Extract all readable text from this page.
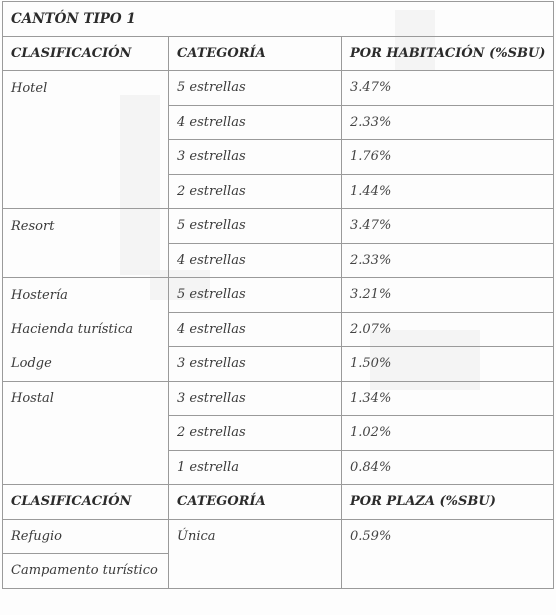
CANTÓN TIPO 1		
CLASIFICACIÓN	CATEGORÍA	POR HABITACIÓN (%SBU)
Hotel	5 estrellas	3.47%
	4 estrellas	2.33%
	3 estrellas	1.76%
	2 estrellas	1.44%
Resort	5 estrellas	3.47%
	4 estrellas	2.33%
Hostería	5 estrellas	3.21%
Hacienda turística	4 estrellas	2.07%
Lodge	3 estrellas	1.50%
Hostal	3 estrellas	1.34%
	2 estrellas	1.02%
	1 estrella	0.84%
CLASIFICACIÓN	CATEGORÍA	POR PLAZA (%SBU)
Refugio	Única	0.59%
Campamento turístico		
